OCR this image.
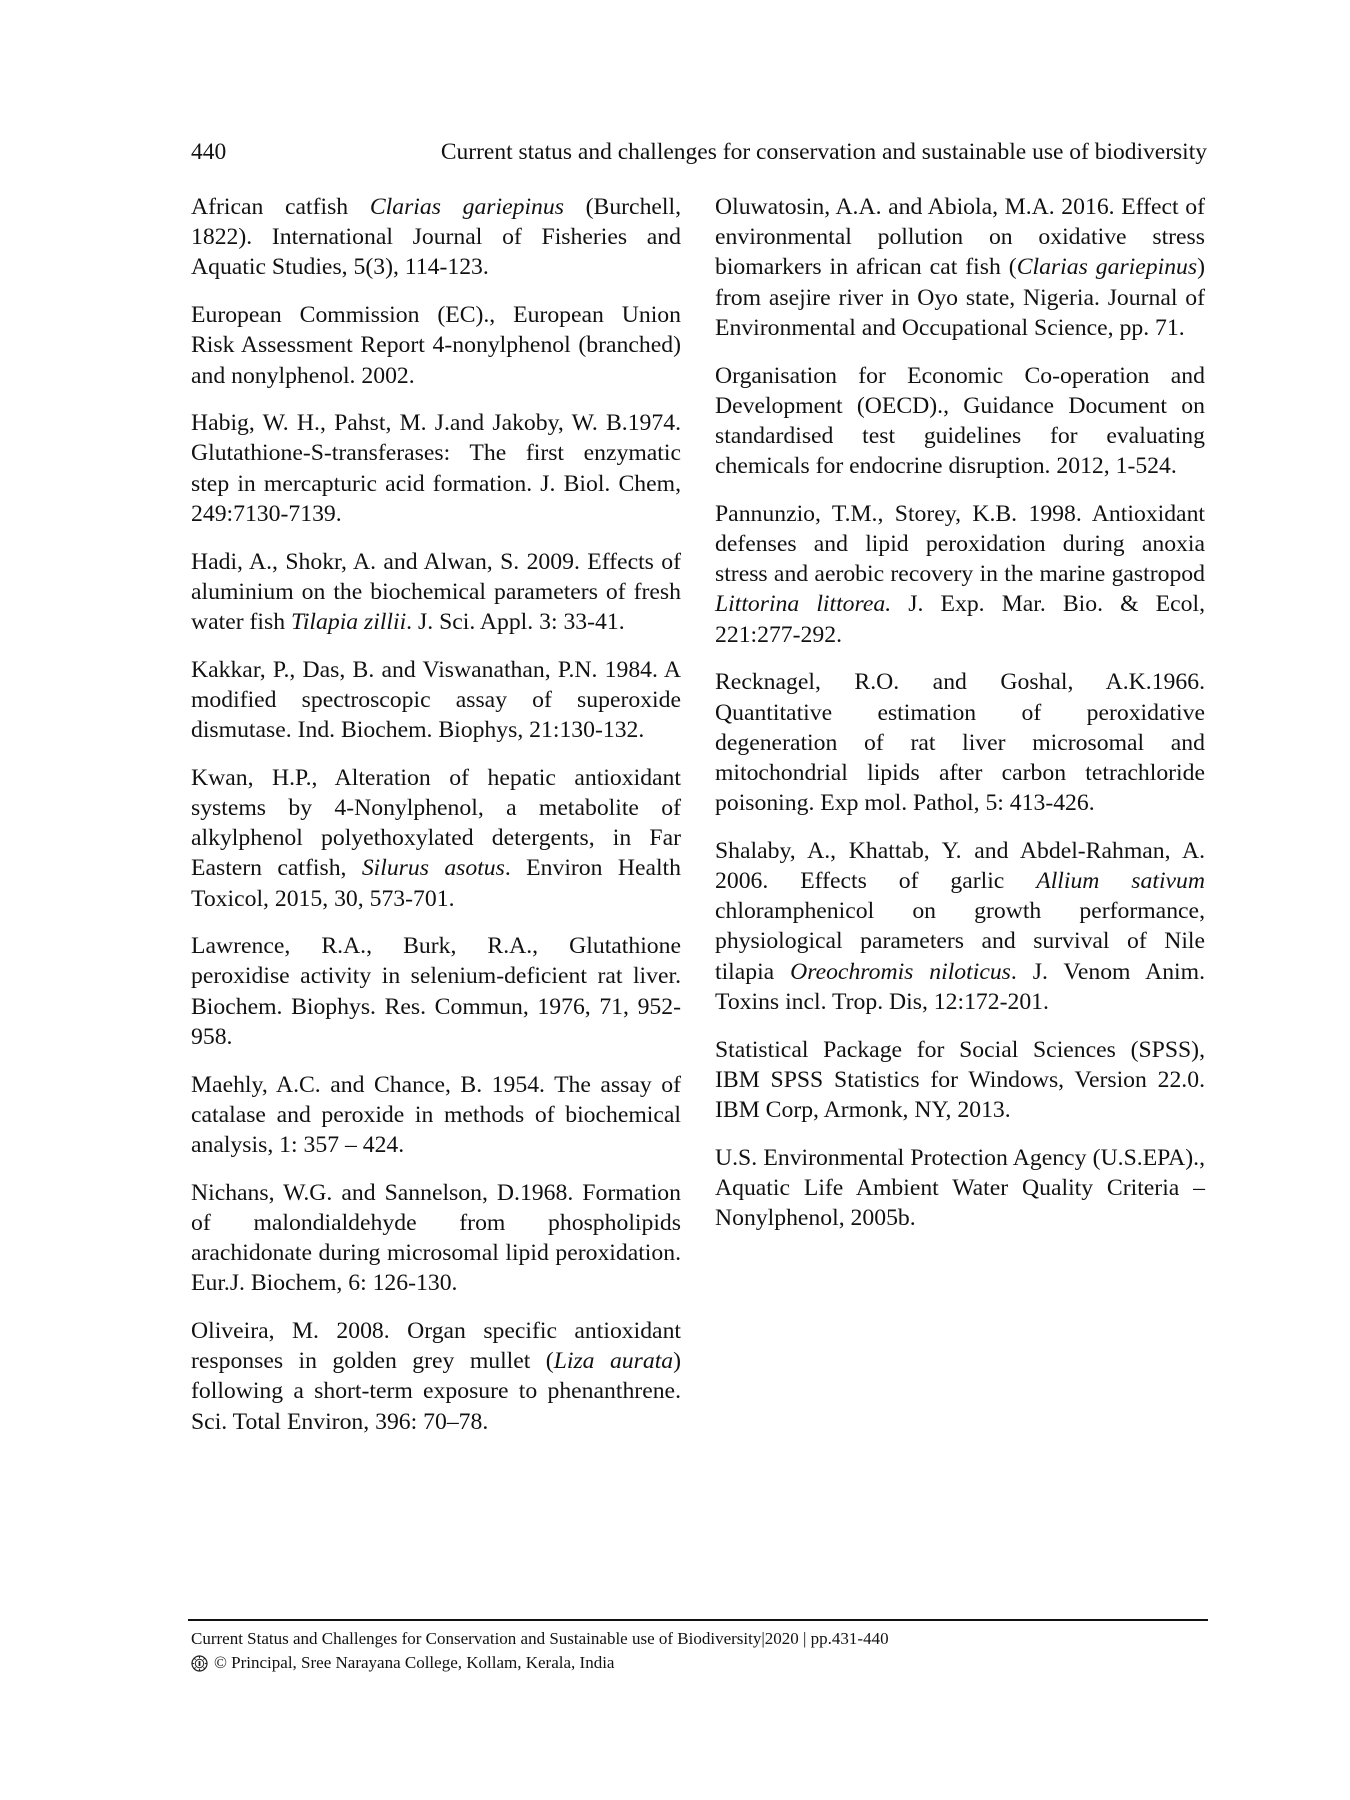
440	Current status and challenges for conservation and sustainable use of biodiversity

African catfish Clarias gariepinus (Burchell, 1822). International Journal of Fisheries and Aquatic Studies, 5(3), 114-123.

European Commission (EC)., European Union Risk Assessment Report 4-nonylphenol (branched) and nonylphenol. 2002.

Habig, W. H., Pahst, M. J.and Jakoby, W. B.1974. Glutathione-S-transferases: The first enzymatic step in mercapturic acid formation. J. Biol. Chem, 249:7130-7139.

Hadi, A., Shokr, A. and Alwan, S. 2009. Effects of aluminium on the biochemical parameters of fresh water fish Tilapia zillii. J. Sci. Appl. 3: 33-41.

Kakkar, P., Das, B. and Viswanathan, P.N. 1984. A modified spectroscopic assay of superoxide dismutase. Ind. Biochem. Biophys, 21:130-132.

Kwan, H.P., Alteration of hepatic antioxidant systems by 4-Nonylphenol, a metabolite of alkylphenol polyethoxylated detergents, in Far Eastern catfish, Silurus asotus. Environ Health Toxicol, 2015, 30, 573-701.

Lawrence, R.A., Burk, R.A., Glutathione peroxidise activity in selenium-deficient rat liver. Biochem. Biophys. Res. Commun, 1976, 71, 952-958.

Maehly, A.C. and Chance, B. 1954. The assay of catalase and peroxide in methods of biochemical analysis, 1: 357 – 424.

Nichans, W.G. and Sannelson, D.1968. Formation of malondialdehyde from phospholipids arachidonate during microsomal lipid peroxidation. Eur.J. Biochem, 6: 126-130.

Oliveira, M. 2008. Organ specific antioxidant responses in golden grey mullet (Liza aurata) following a short-term exposure to phenanthrene. Sci. Total Environ, 396: 70–78.

Oluwatosin, A.A. and Abiola, M.A. 2016. Effect of environmental pollution on oxidative stress biomarkers in african cat fish (Clarias gariepinus) from asejire river in Oyo state, Nigeria. Journal of Environmental and Occupational Science, pp. 71.

Organisation for Economic Co-operation and Development (OECD)., Guidance Document on standardised test guidelines for evaluating chemicals for endocrine disruption. 2012, 1-524.

Pannunzio, T.M., Storey, K.B. 1998. Antioxidant defenses and lipid peroxidation during anoxia stress and aerobic recovery in the marine gastropod Littorina littorea. J. Exp. Mar. Bio. & Ecol, 221:277-292.

Recknagel, R.O. and Goshal, A.K.1966. Quantitative estimation of peroxidative degeneration of rat liver microsomal and mitochondrial lipids after carbon tetrachloride poisoning. Exp mol. Pathol, 5: 413-426.

Shalaby, A., Khattab, Y. and Abdel-Rahman, A. 2006. Effects of garlic Allium sativum chloramphenicol on growth performance, physiological parameters and survival of Nile tilapia Oreochromis niloticus. J. Venom Anim. Toxins incl. Trop. Dis, 12:172-201.

Statistical Package for Social Sciences (SPSS), IBM SPSS Statistics for Windows, Version 22.0. IBM Corp, Armonk, NY, 2013.

U.S. Environmental Protection Agency (U.S.EPA)., Aquatic Life Ambient Water Quality Criteria – Nonylphenol, 2005b.

Current Status and Challenges for Conservation and Sustainable use of Biodiversity|2020 | pp.431-440
© Principal, Sree Narayana College, Kollam, Kerala, India
